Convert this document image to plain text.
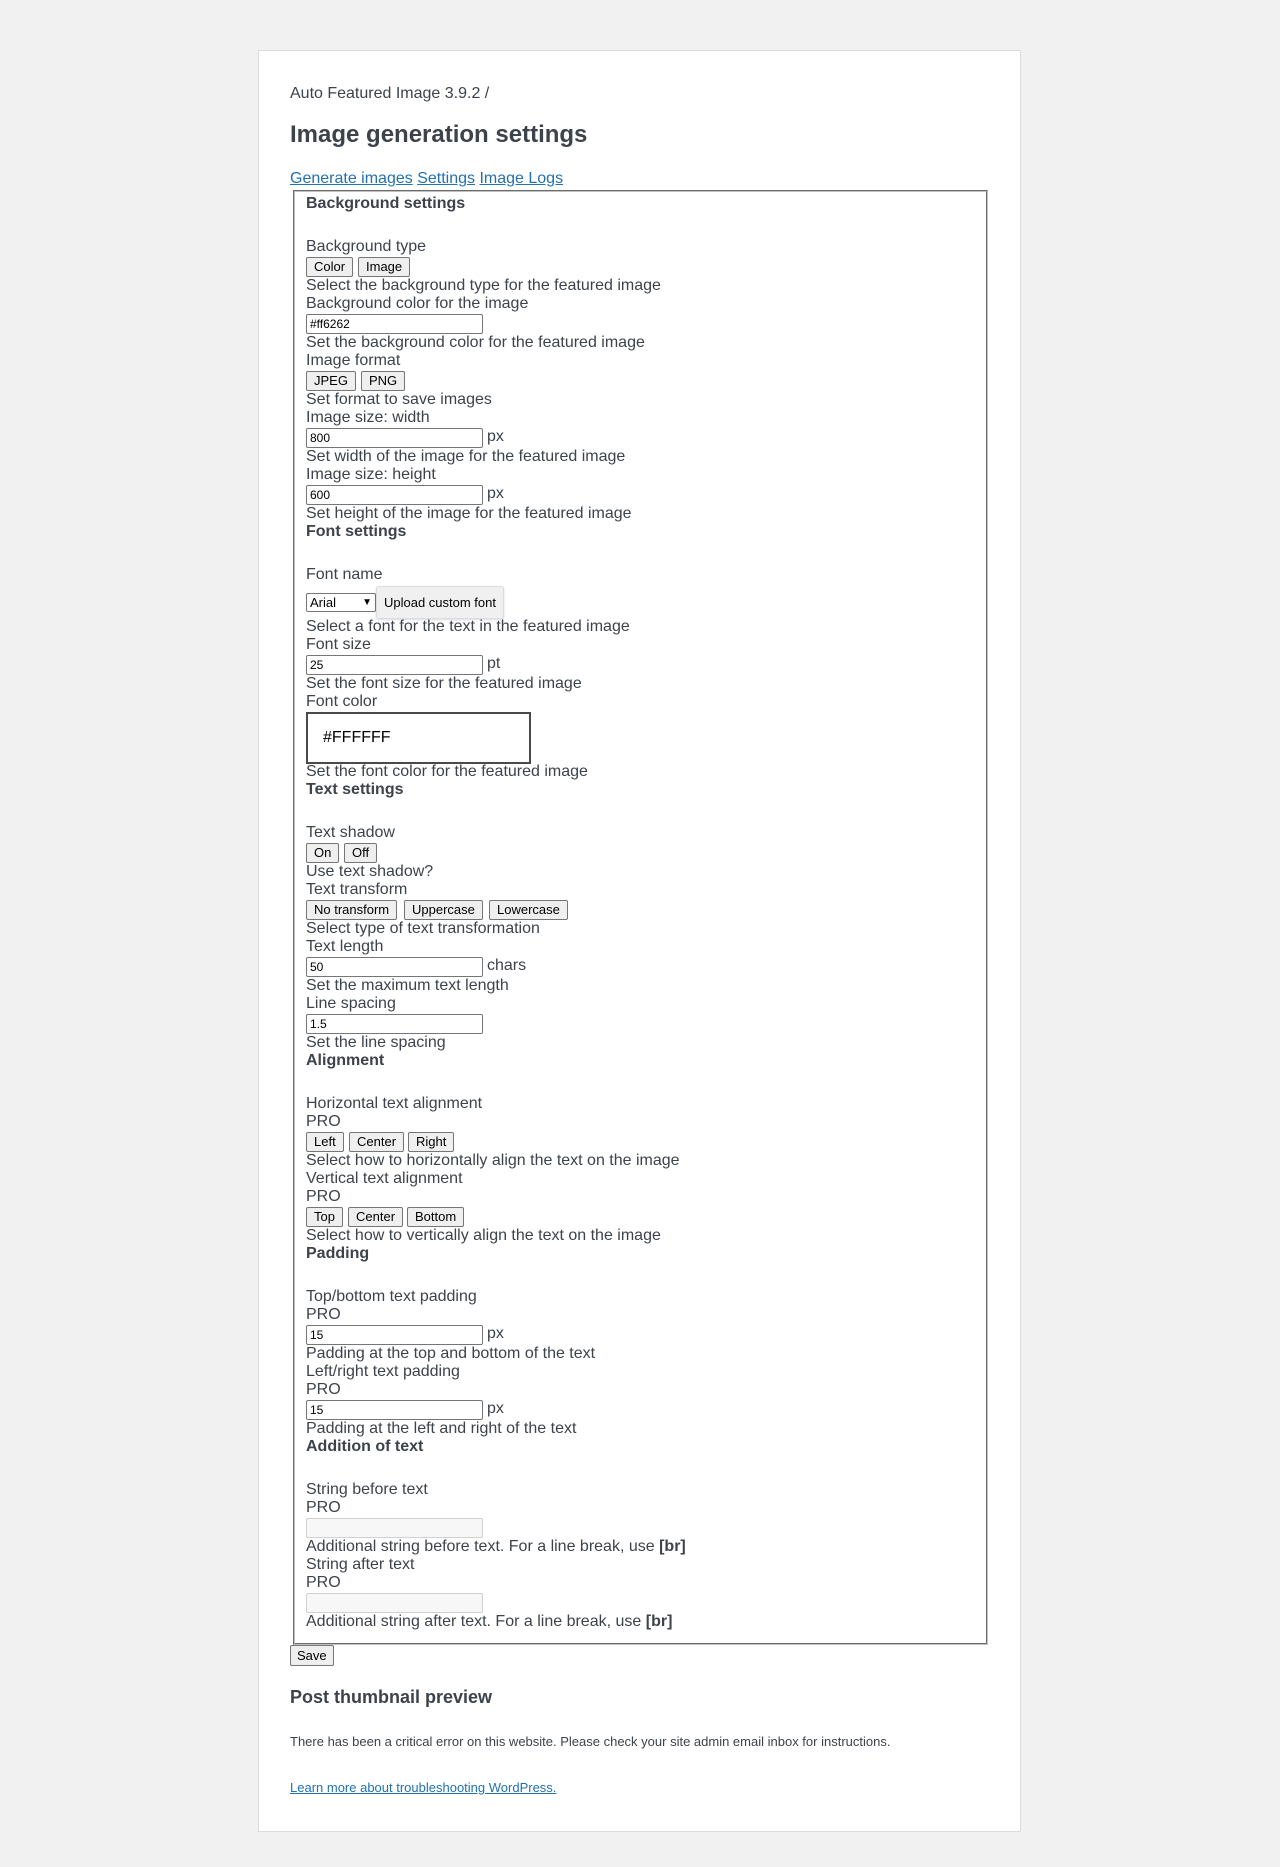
Auto Featured Image 3.9.2 /
Image generation settings
Generate images Settings Image Logs
Save
Post thumbnail preview
There has been a critical error on this website. Please check your site admin email inbox for instructions.
Learn more about troubleshooting WordPress.
Background settings
Background type
Color	Image
Select the background type for the featured image
Background color for the image
#ff6262
Set the background color for the featured image
Image format
JPEG	PNG
Set format to save images
Image size: width
800	px
Set width of the image for the featured image
Image size: height
600	px
Set height of the image for the featured image
Font settings
Font name
Arial	▼ Upload custom font
Select a font for the text in the featured image
Font size
25	pt
Set the font size for the featured image
Font color
#FFFFFF
Set the font color for the featured image
Text settings
Text shadow
On	Off
Use text shadow?
Text transform
No transform	Uppercase	Lowercase
Select type of text transformation
Text length
50	chars
Set the maximum text length
Line spacing
1.5
Set the line spacing
Alignment
Horizontal text alignment
PRO
Left	Center	Right
Select how to horizontally align the text on the image
Vertical text alignment
PRO
Top	Center	Bottom
Select how to vertically align the text on the image
Padding
Top/bottom text padding
PRO
15	px
Padding at the top and bottom of the text
Left/right text padding
PRO
15	px
Padding at the left and right of the text
Addition of text
String before text
PRO
Additional string before text. For a line break, use [br]
String after text
PRO
Additional string after text. For a line break, use [br]
